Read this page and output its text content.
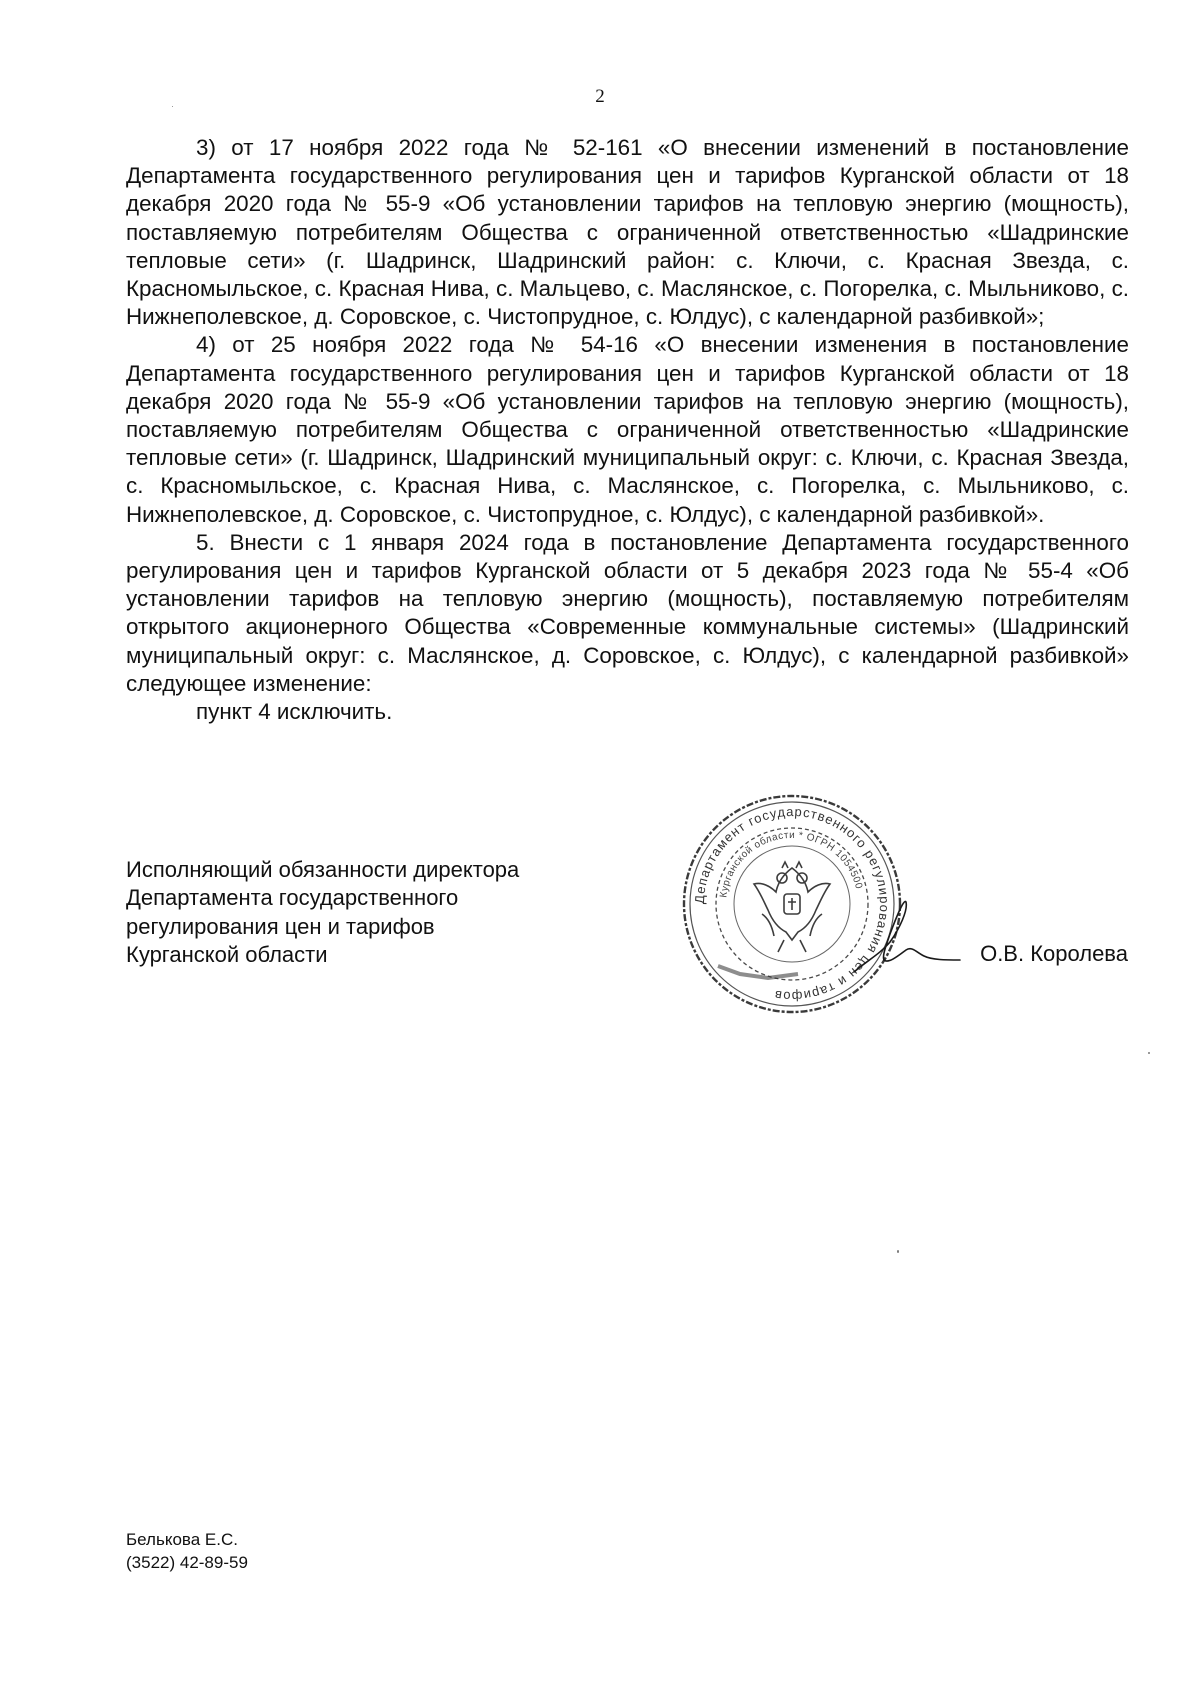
2

3) от 17 ноября 2022 года № 52-161 «О внесении изменений в постановление Департамента государственного регулирования цен и тарифов Курганской области от 18 декабря 2020 года № 55-9 «Об установлении тарифов на тепловую энергию (мощность), поставляемую потребителям Общества с ограниченной ответственностью «Шадринские тепловые сети» (г. Шадринск, Шадринский район: с. Ключи, с. Красная Звезда, с. Красномыльское, с. Красная Нива, с. Мальцево, с. Маслянское, с. Погорелка, с. Мыльниково, с. Нижнеполевское, д. Соровское, с. Чистопрудное, с. Юлдус), с календарной разбивкой»;

4) от 25 ноября 2022 года № 54-16 «О внесении изменения в постановление Департамента государственного регулирования цен и тарифов Курганской области от 18 декабря 2020 года № 55-9 «Об установлении тарифов на тепловую энергию (мощность), поставляемую потребителям Общества с ограниченной ответственностью «Шадринские тепловые сети» (г. Шадринск, Шадринский муниципальный округ: с. Ключи, с. Красная Звезда, с. Красномыльское, с. Красная Нива, с. Маслянское, с. Погорелка, с. Мыльниково, с. Нижнеполевское, д. Соровское, с. Чистопрудное, с. Юлдус), с календарной разбивкой».

5. Внести с 1 января 2024 года в постановление Департамента государственного регулирования цен и тарифов Курганской области от 5 декабря 2023 года № 55-4 «Об установлении тарифов на тепловую энергию (мощность), поставляемую потребителям открытого акционерного Общества «Современные коммунальные системы» (Шадринский муниципальный округ: с. Маслянское, д. Соровское, с. Юлдус), с календарной разбивкой» следующее изменение:

пункт 4 исключить.

Исполняющий обязанности директора
Департамента государственного
регулирования цен и тарифов
Курганской области

Департамент государственного регулирования цен и тарифов
Курганской области * ОГРН 1054500

О.В. Королева

Белькова Е.С.
(3522) 42-89-59
